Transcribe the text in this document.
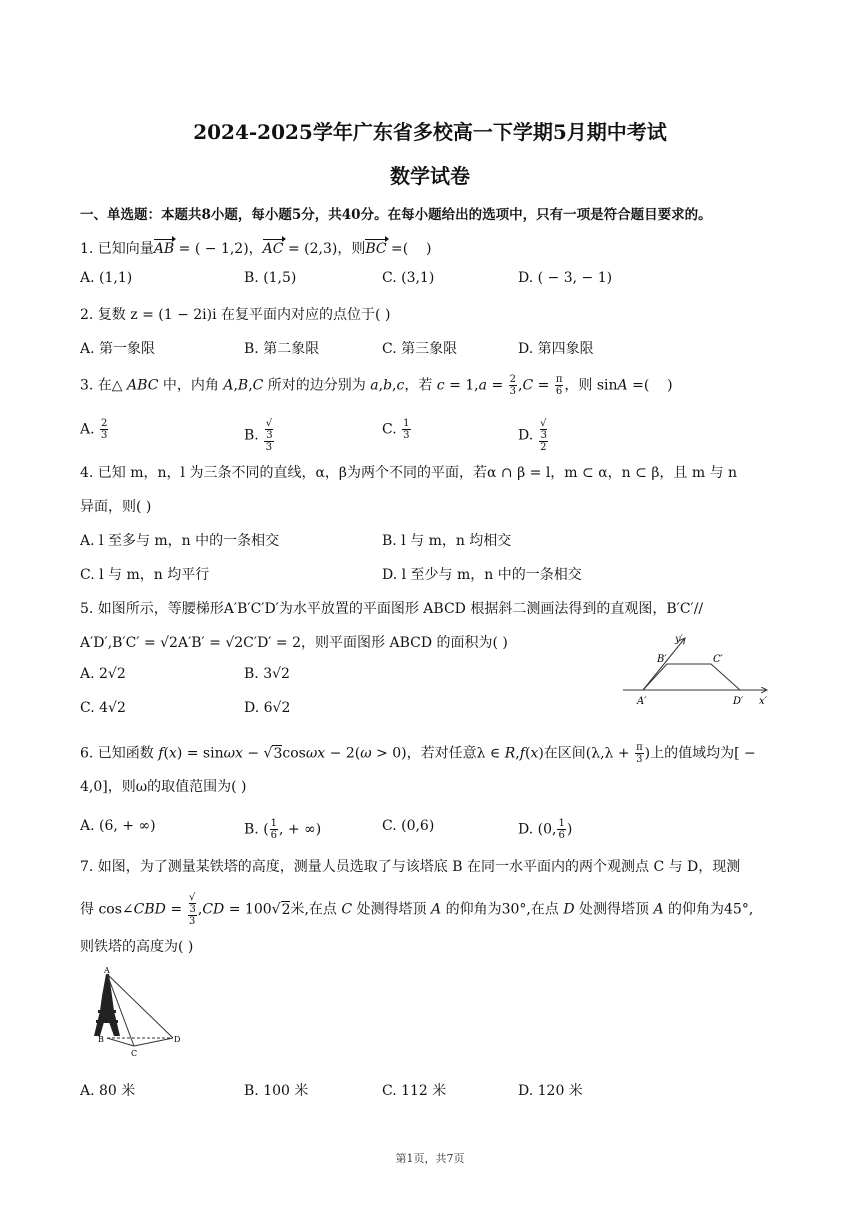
2024-2025学年广东省多校高一下学期5月期中考试
数学试卷
一、单选题：本题共8小题，每小题5分，共40分。在每小题给出的选项中，只有一项是符合题目要求的。
1. 已知向量AB = ( − 1,2)，AC = (2,3)，则BC =(    )
A. (1,1)	B. (1,5)	C. (3,1)	D. ( − 3, − 1)
2. 复数 z = (1 − 2i)i 在复平面内对应的点位于( )
A. 第一象限	B. 第二象限	C. 第三象限	D. 第四象限
3. 在△ ABC 中，内角 A,B,C 所对的边分别为 a,b,c，若 $c = 1,a = \frac{2}{3} ,C = \frac{\pi}{6}$ ，则 sinA =(    )
A. $\frac{2}{3}$	B. √
3
3	C. $\frac{1}{3}$	D. √
3
2
4. 已知 m，n，l 为三条不同的直线，α，β为两个不同的平面，若α ∩ β = l，m ⊂ α，n ⊂ β，且 m 与 n
异面，则( )
A. l 至多与 m，n 中的一条相交	B. l 与 m，n 均相交
C. l 与 m，n 均平行	D. l 至少与 m，n 中的一条相交
5. 如图所示，等腰梯形A′B′C′D′为水平放置的平面图形 ABCD 根据斜二测画法得到的直观图，B′C′//
A′D′,B′C′ = √2A′B′ = √2C′D′ = 2，则平面图形 ABCD 的面积为( )
A. 2√2	B. 3√2
C. 4√2	D. 6√2
y′
x′
A′
B′	C′
D′
6. 已知函数 f(x) = sinωx − √3cosωx − 2(ω > 0)，若对任意λ ∈ R,f(x)在区间($\lambda,\lambda + \frac{\pi}{3}$ )上的值域均为[ −
4,0]，则ω的取值范围为( )
A. (6, + ∞)	B. ( $\frac{1}{6}$ , + ∞)	C. (0,6)	D. (0, $\frac{1}{6}$ )
7. 如图，为了测量某铁塔的高度，测量人员选取了与该塔底 B 在同一水平面内的两个观测点 C 与 D，现测
得 cos∠CBD = √
3
3 ,CD = 100√2米,在点 C 处测得塔顶 A 的仰角为30°,在点 D 处测得塔顶 A 的仰角为45°,
则铁塔的高度为( )
A
B
C
D
A. 80 米	B. 100 米	C. 112 米	D. 120 米
第1页，共7页
